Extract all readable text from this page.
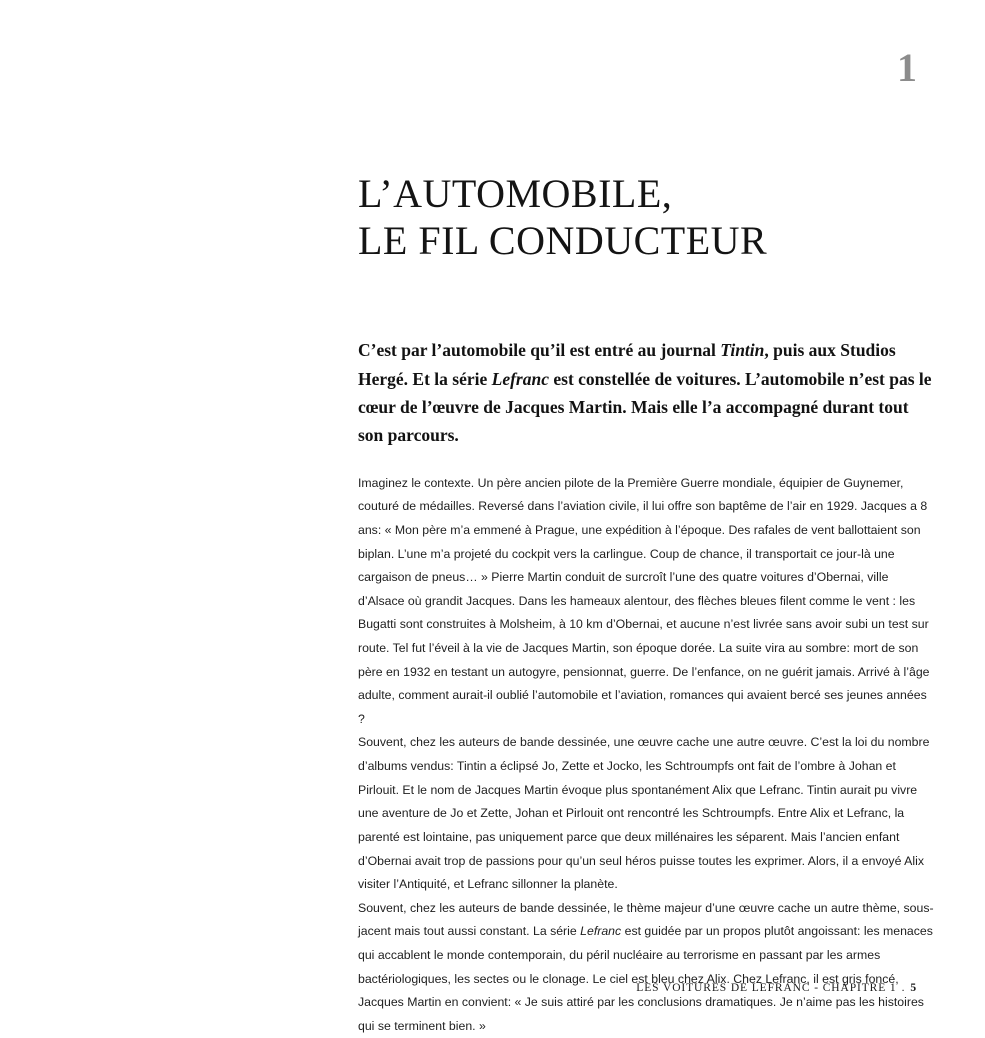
1
L’AUTOMOBILE,
LE FIL CONDUCTEUR
C’est par l’automobile qu’il est entré au journal Tintin, puis aux Studios Hergé. Et la série Lefranc est constellée de voitures. L’automobile n’est pas le cœur de l’œuvre de Jacques Martin. Mais elle l’a accompagné durant tout son parcours.

Imaginez le contexte. Un père ancien pilote de la Première Guerre mondiale, équipier de Guynemer, couturé de médailles. Reversé dans l’aviation civile, il lui offre son baptême de l’air en 1929. Jacques a 8 ans: « Mon père m’a emmené à Prague, une expédition à l’époque. Des rafales de vent ballottaient son biplan. L’une m’a projeté du cockpit vers la carlingue. Coup de chance, il transportait ce jour-là une cargaison de pneus… » Pierre Martin conduit de surcroît l’une des quatre voitures d’Obernai, ville d’Alsace où grandit Jacques. Dans les hameaux alentour, des flèches bleues filent comme le vent : les Bugatti sont construites à Molsheim, à 10 km d’Obernai, et aucune n’est livrée sans avoir subi un test sur route. Tel fut l’éveil à la vie de Jacques Martin, son époque dorée. La suite vira au sombre: mort de son père en 1932 en testant un autogyre, pensionnat, guerre. De l’enfance, on ne guérit jamais. Arrivé à l’âge adulte, comment aurait-il oublié l’automobile et l’aviation, romances qui avaient bercé ses jeunes années ?

Souvent, chez les auteurs de bande dessinée, une œuvre cache une autre œuvre. C’est la loi du nombre d’albums vendus: Tintin a éclipsé Jo, Zette et Jocko, les Schtroumpfs ont fait de l’ombre à Johan et Pirlouit. Et le nom de Jacques Martin évoque plus spontanément Alix que Lefranc. Tintin aurait pu vivre une aventure de Jo et Zette, Johan et Pirlouit ont rencontré les Schtroumpfs. Entre Alix et Lefranc, la parenté est lointaine, pas uniquement parce que deux millénaires les séparent. Mais l’ancien enfant d’Obernai avait trop de passions pour qu’un seul héros puisse toutes les exprimer. Alors, il a envoyé Alix visiter l’Antiquité, et Lefranc sillonner la planète.

Souvent, chez les auteurs de bande dessinée, le thème majeur d’une œuvre cache un autre thème, sous-jacent mais tout aussi constant. La série Lefranc est guidée par un propos plutôt angoissant: les menaces qui accablent le monde contemporain, du péril nucléaire au terrorisme en passant par les armes bactériologiques, les sectes ou le clonage. Le ciel est bleu chez Alix. Chez Lefranc, il est gris foncé, Jacques Martin en convient: « Je suis attiré par les conclusions dramatiques. Je n’aime pas les histoires qui se terminent bien. »

LES VOITURES DE LEFRANC - CHAPITRE 1 . 5
